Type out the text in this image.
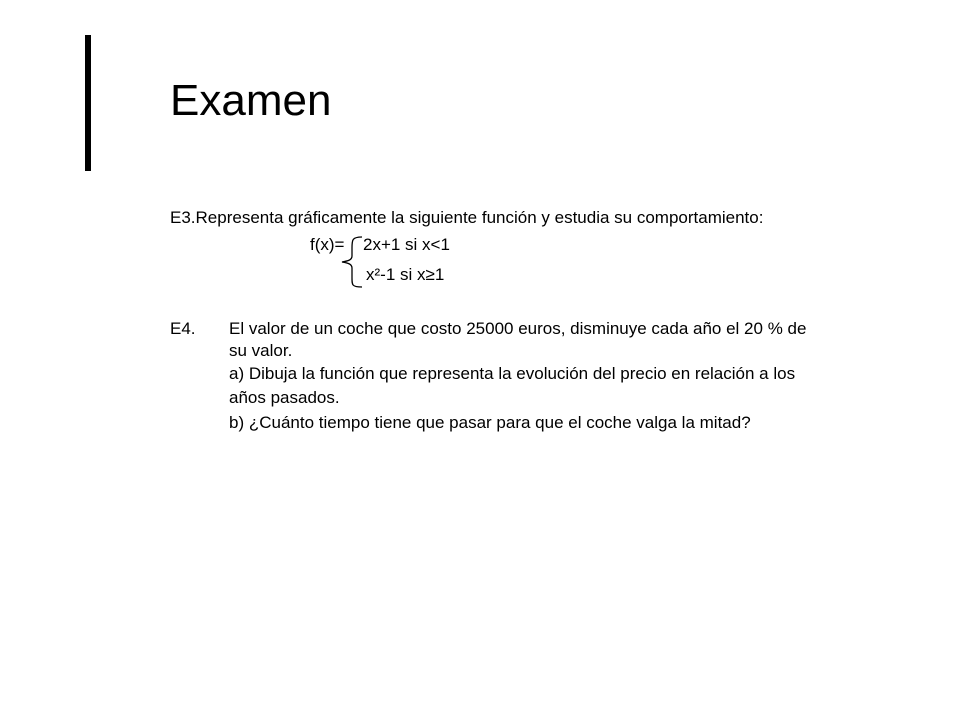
Examen
E3.Representa gráficamente la siguiente función y estudia su comportamiento:
f(x)= 2x+1 si x<1
x²-1 si x≥1
E4. El valor de un coche que costo 25000 euros, disminuye cada año el 20 % de
su valor.
a) Dibuja la función que representa la evolución del precio en relación a los
años pasados.
b) ¿Cuánto tiempo tiene que pasar para que el coche valga la mitad?
